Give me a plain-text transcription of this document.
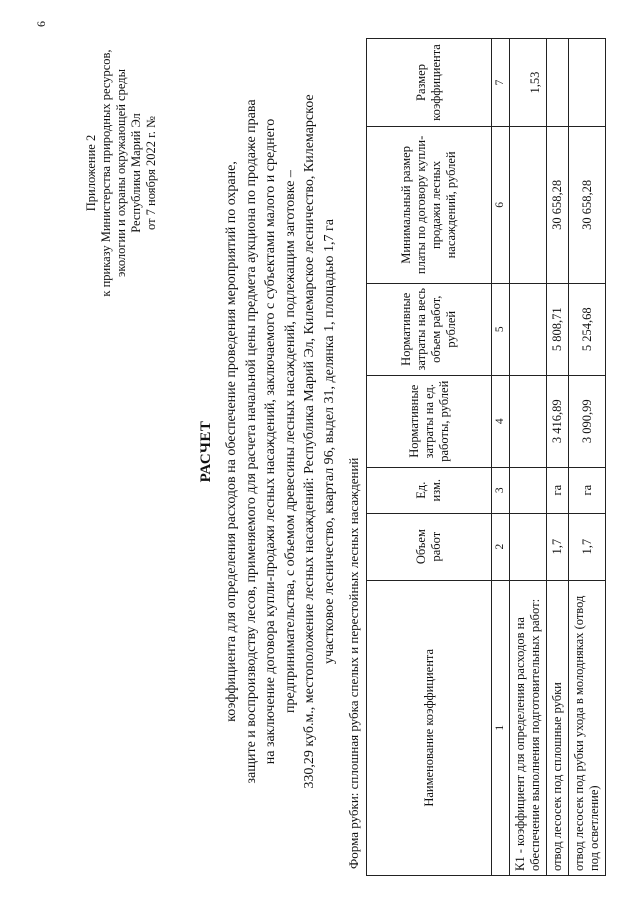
6
Приложение 2 к приказу Министерства природных ресурсов, экологии и охраны окружающей среды Республики Марий Эл от 7 ноября 2022 г. №
РАСЧЕТ коэффициента для определения расходов на обеспечение проведения мероприятий по охране, защите и воспроизводству лесов, применяемого для расчета начальной цены предмета аукциона по продаже права на заключение договора купли-продажи лесных насаждений, заключаемого с субъектами малого и среднего предпринимательства, с объемом древесины лесных насаждений, подлежащим заготовке – 330,29 куб.м., местоположение лесных насаждений: Республика Марий Эл, Килемарское лесничество, Килемарское участковое лесничество, квартал 96, выдел 31, делянка 1, площадью 1,7 га Форма рубки: сплошная рубка спелых и перестойных лесных насаждений	Наименование коэффициента	Объем работ	Ед. изм.	Нормативные затраты на ед. работы, рублей	Нормативные затраты на весь объем работ, рублей	Минимальный размер платы по договору купли-продажи лесных насаждений, рублей	Размер коэффициента
1	2	3	4	5	6	7
К1 - коэффициент для определения расходов на обеспечение выполнения подготовительных работ:						1,53
отвод лесосек под сплошные рубки	1,7	га	3 416,89	5 808,71	30 658,28	
отвод лесосек под рубки ухода в молодняках (отвод под осветление)	1,7	га	3 090,99	5 254,68	30 658,28	
